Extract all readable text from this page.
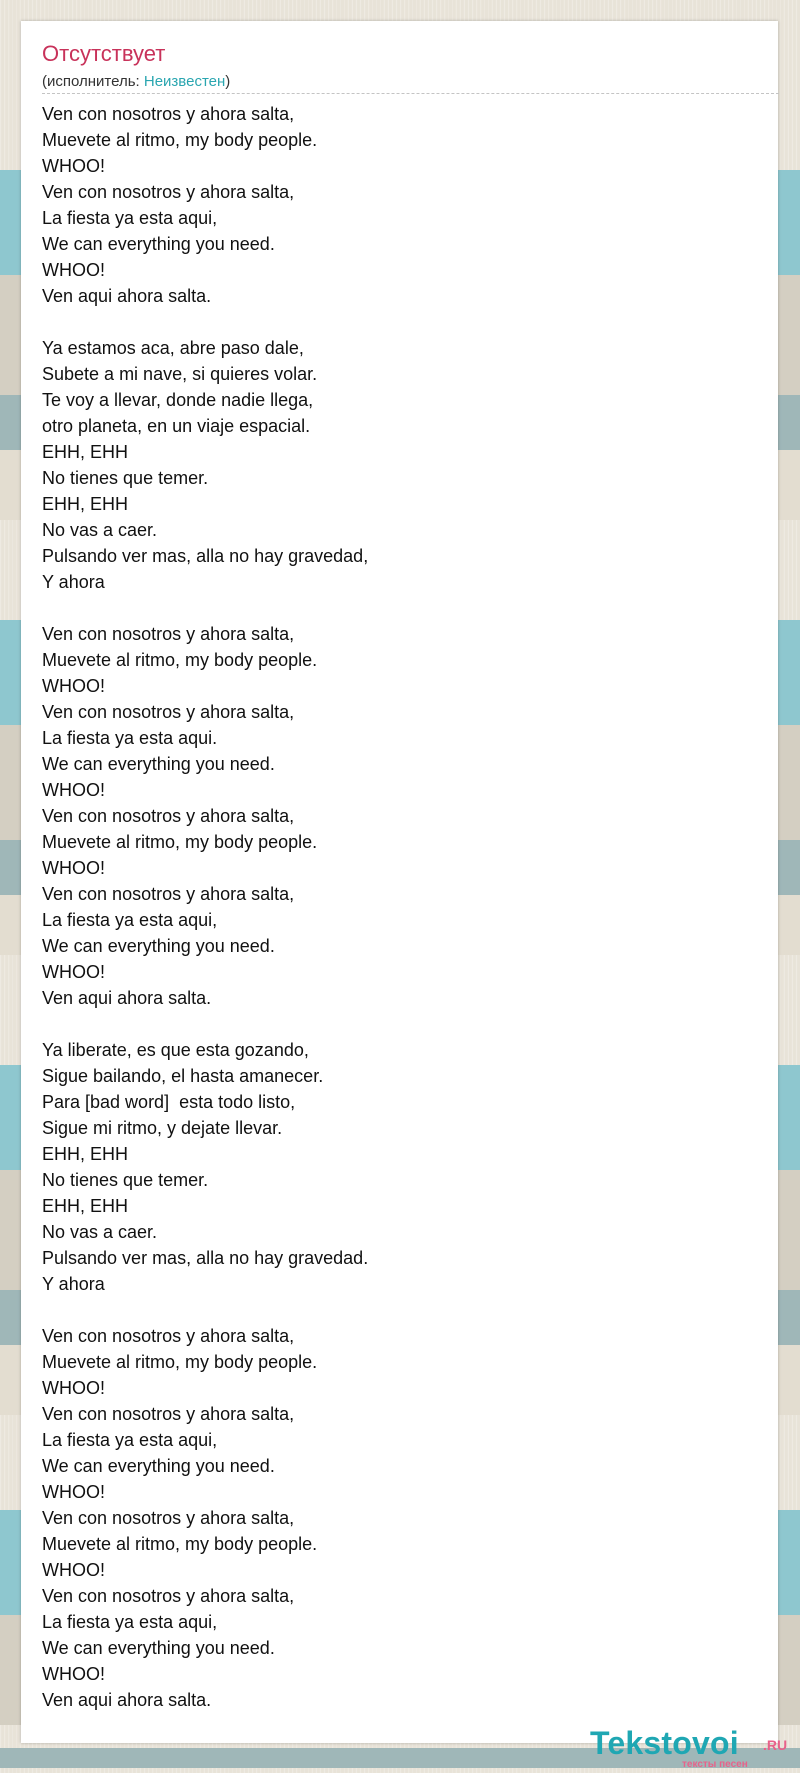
Отсутствует
(исполнитель: Неизвестен)
Ven con nosotros y ahora salta,
Muevete al ritmo, my body people.
WHOO!
Ven con nosotros y ahora salta,
La fiesta ya esta aqui,
We can everything you need.
WHOO!
Ven aqui ahora salta.
Ya estamos aca, abre paso dale,
Subete a mi nave, si quieres volar.
Te voy a llevar, donde nadie llega,
otro planeta, en un viaje espacial.
EHH, EHH
No tienes que temer.
EHH, EHH
No vas a caer.
Pulsando ver mas, alla no hay gravedad,
Y ahora
Ven con nosotros y ahora salta,
Muevete al ritmo, my body people.
WHOO!
Ven con nosotros y ahora salta,
La fiesta ya esta aqui.
We can everything you need.
WHOO!
Ven con nosotros y ahora salta,
Muevete al ritmo, my body people.
WHOO!
Ven con nosotros y ahora salta,
La fiesta ya esta aqui,
We can everything you need.
WHOO!
Ven aqui ahora salta.
Ya liberate, es que esta gozando,
Sigue bailando, el hasta amanecer.
Para [bad word]  esta todo listo,
Sigue mi ritmo, y dejate llevar.
EHH, EHH
No tienes que temer.
EHH, EHH
No vas a caer.
Pulsando ver mas, alla no hay gravedad.
Y ahora
Ven con nosotros y ahora salta,
Muevete al ritmo, my body people.
WHOO!
Ven con nosotros y ahora salta,
La fiesta ya esta aqui,
We can everything you need.
WHOO!
Ven con nosotros y ahora salta,
Muevete al ritmo, my body people.
WHOO!
Ven con nosotros y ahora salta,
La fiesta ya esta aqui,
We can everything you need.
WHOO!
Ven aqui ahora salta.
Tekstovoi .RU
тексты песен
